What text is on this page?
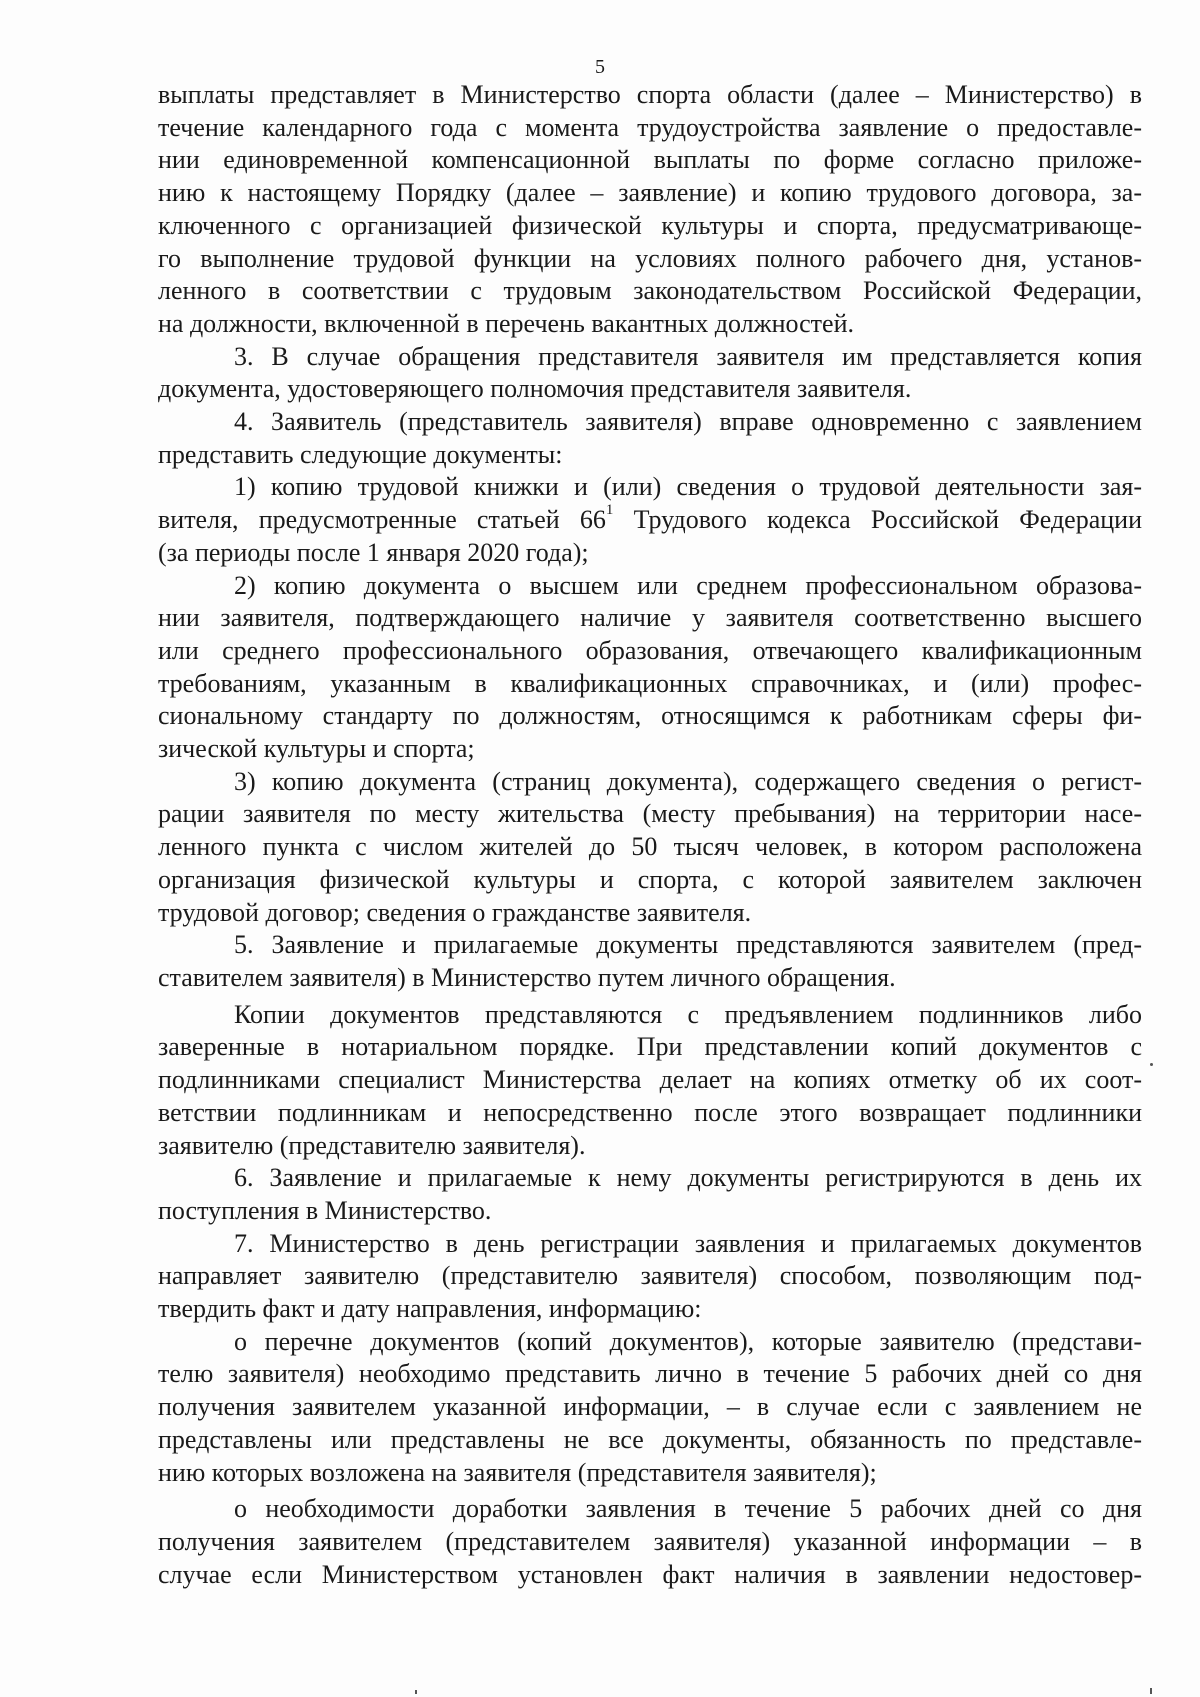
5
выплаты представляет в Министерство спорта области (далее – Министерство) в
течение календарного года с момента трудоустройства заявление о предоставле-
нии единовременной компенсационной выплаты по форме согласно приложе-
нию к настоящему Порядку (далее – заявление) и копию трудового договора, за-
ключенного с организацией физической культуры и спорта, предусматривающе-
го выполнение трудовой функции на условиях полного рабочего дня, установ-
ленного в соответствии с трудовым законодательством Российской Федерации,
на должности, включенной в перечень вакантных должностей.
3. В случае обращения представителя заявителя им представляется копия
документа, удостоверяющего полномочия представителя заявителя.
4. Заявитель (представитель заявителя) вправе одновременно с заявлением
представить следующие документы:
1) копию трудовой книжки и (или) сведения о трудовой деятельности зая-
вителя, предусмотренные статьей $66^1$ Трудового кодекса Российской Федерации
(за периоды после 1 января 2020 года);
2) копию документа о высшем или среднем профессиональном образова-
нии заявителя, подтверждающего наличие у заявителя соответственно высшего
или среднего профессионального образования, отвечающего квалификационным
требованиям, указанным в квалификационных справочниках, и (или) профес-
сиональному стандарту по должностям, относящимся к работникам сферы фи-
зической культуры и спорта;
3) копию документа (страниц документа), содержащего сведения о регист-
рации заявителя по месту жительства (месту пребывания) на территории насе-
ленного пункта с числом жителей до 50 тысяч человек, в котором расположена
организация физической культуры и спорта, с которой заявителем заключен
трудовой договор; сведения о гражданстве заявителя.
5. Заявление и прилагаемые документы представляются заявителем (пред-
ставителем заявителя) в Министерство путем личного обращения.
Копии документов представляются с предъявлением подлинников либо
заверенные в нотариальном порядке. При представлении копий документов с
подлинниками специалист Министерства делает на копиях отметку об их соот-
ветствии подлинникам и непосредственно после этого возвращает подлинники
заявителю (представителю заявителя).
6. Заявление и прилагаемые к нему документы регистрируются в день их
поступления в Министерство.
7. Министерство в день регистрации заявления и прилагаемых документов
направляет заявителю (представителю заявителя) способом, позволяющим под-
твердить факт и дату направления, информацию:
о перечне документов (копий документов), которые заявителю (представи-
телю заявителя) необходимо представить лично в течение 5 рабочих дней со дня
получения заявителем указанной информации, – в случае если с заявлением не
представлены или представлены не все документы, обязанность по представле-
нию которых возложена на заявителя (представителя заявителя);
о необходимости доработки заявления в течение 5 рабочих дней со дня
получения заявителем (представителем заявителя) указанной информации – в
случае если Министерством установлен факт наличия в заявлении недостовер-
